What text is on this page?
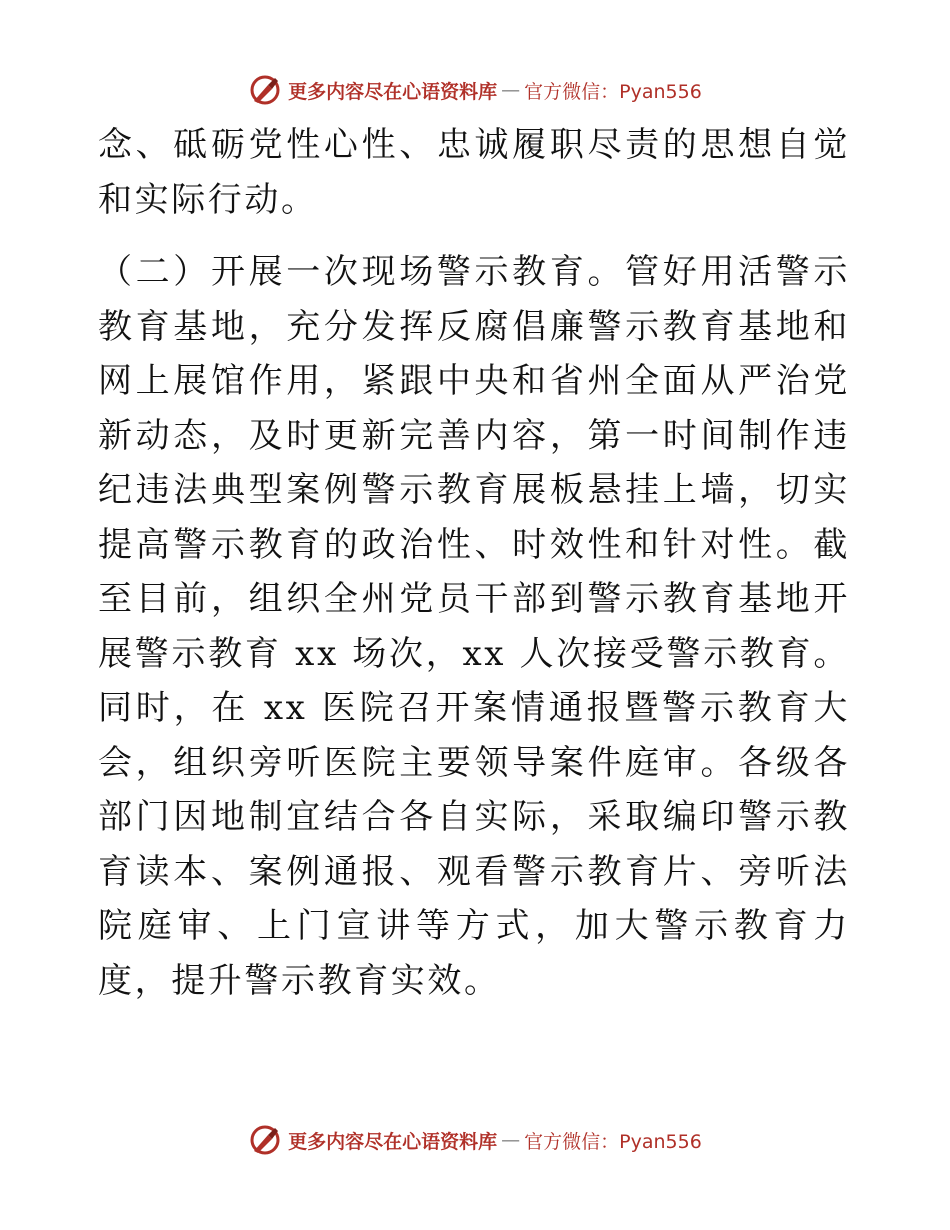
更多内容尽在心语资料库 — 官方微信：Pyan556

念、砥砺党性心性、忠诚履职尽责的思想自觉和实际行动。

（二）开展一次现场警示教育。管好用活警示教育基地，充分发挥反腐倡廉警示教育基地和网上展馆作用，紧跟中央和省州全面从严治党新动态，及时更新完善内容，第一时间制作违纪违法典型案例警示教育展板悬挂上墙，切实提高警示教育的政治性、时效性和针对性。截至目前，组织全州党员干部到警示教育基地开展警示教育 xx 场次，xx 人次接受警示教育。同时，在 xx 医院召开案情通报暨警示教育大会，组织旁听医院主要领导案件庭审。各级各部门因地制宜结合各自实际，采取编印警示教育读本、案例通报、观看警示教育片、旁听法院庭审、上门宣讲等方式，加大警示教育力度，提升警示教育实效。

更多内容尽在心语资料库 — 官方微信：Pyan556
